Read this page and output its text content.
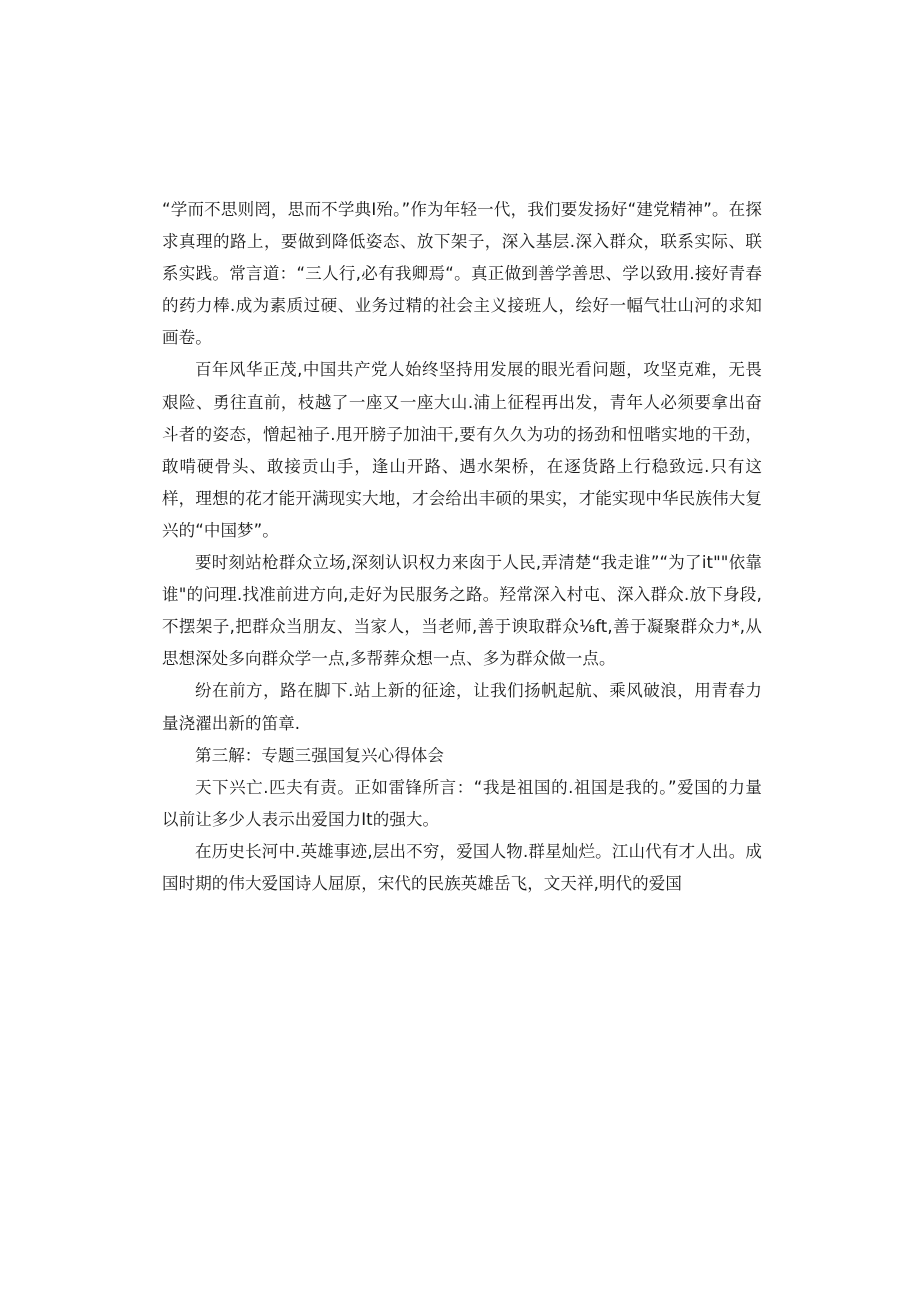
“学而不思则罔，思而不学典I殆。”作为年轻一代，我们要发扬好“建党精神”。在探求真理的路上，要做到降低姿态、放下架子，深入基层.深入群众，联系实际、联系实践。常言道：“三人行,必有我卿焉“。真正做到善学善思、学以致用.接好青春的药力棒.成为素质过硬、业务过精的社会主义接班人，绘好一幅气壮山河的求知画卷。

百年风华正茂,中国共产党人始终坚持用发展的眼光看问题，攻坚克难，无畏艰险、勇往直前，枝越了一座又一座大山.浦上征程再出发，青年人必须要拿出奋斗者的姿态，憎起袖子.甩开膀子加油干,要有久久为功的扬劲和忸喈实地的干劲，敢啃硬骨头、敢接贡山手，逢山开路、遇水架桥，在逐货路上行稳致远.只有这样，理想的花才能开满现实大地，才会给出丰硕的果实，才能实现中华民族伟大复兴的“中国梦”。

要时刻站枪群众立场,深刻认识权力来囱于人民,弄清楚“我走谁”“为了it""依靠谁"的问理.找准前进方向,走好为民服务之路。羟常深入村屯、深入群众.放下身段,不摆架子,把群众当朋友、当家人，当老师,善于谀取群众⅛ft,善于凝聚群众力*,从思想深处多向群众学一点,多帮葬众想一点、多为群众做一点。

纷在前方，路在脚下.站上新的征途，让我们扬帆起航、乘风破浪，用青春力量浇濯出新的笛章.

第三解：专题三强国复兴心得体会

天下兴亡.匹夫有责。正如雷锋所言：“我是祖国的.祖国是我的。”爱国的力量以前让多少人表示出爱国力It的强大。

在历史长河中.英雄事迹,层出不穷，爱国人物.群星灿烂。江山代有才人出。成国时期的伟大爱国诗人屈原，宋代的民族英雄岳飞，文天祥,明代的爱国
